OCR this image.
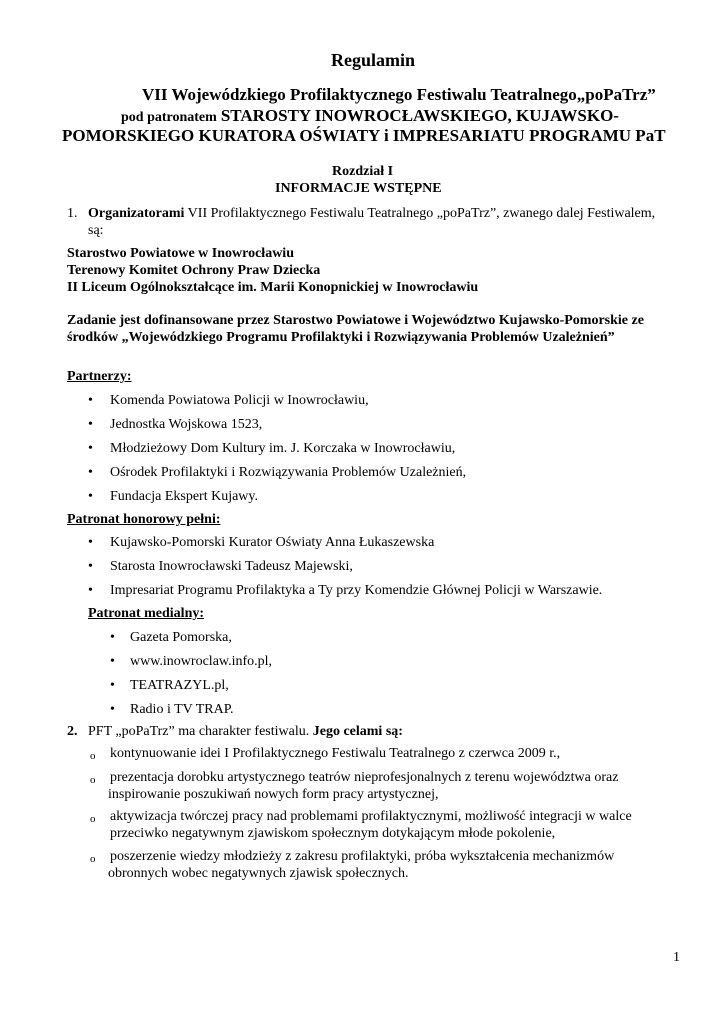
Regulamin
VII Wojewódzkiego Profilaktycznego Festiwalu Teatralnego„poPaTrz”
pod patronatem STAROSTY INOWROCŁAWSKIEGO, KUJAWSKO-
POMORSKIEGO KURATORA OŚWIATY i IMPRESARIATU PROGRAMU PaT
Rozdział I
INFORMACJE WSTĘPNE
1. Organizatorami VII Profilaktycznego Festiwalu Teatralnego „poPaTrz”, zwanego dalej Festiwalem,
są:
Starostwo Powiatowe w Inowrocławiu
Terenowy Komitet Ochrony Praw Dziecka
II Liceum Ogólnokształcące im. Marii Konopnickiej w Inowrocławiu
Zadanie jest dofinansowane przez Starostwo Powiatowe i Województwo Kujawsko-Pomorskie ze
środków „Wojewódzkiego Programu Profilaktyki i Rozwiązywania Problemów Uzależnień”
Partnerzy:
• Komenda Powiatowa Policji w Inowrocławiu,
• Jednostka Wojskowa 1523,
• Młodzieżowy Dom Kultury im. J. Korczaka w Inowrocławiu,
• Ośrodek Profilaktyki i Rozwiązywania Problemów Uzależnień,
• Fundacja Ekspert Kujawy.
Patronat honorowy pełni:
• Kujawsko-Pomorski Kurator Oświaty Anna Łukaszewska
• Starosta Inowrocławski Tadeusz Majewski,
• Impresariat Programu Profilaktyka a Ty przy Komendzie Głównej Policji w Warszawie.
Patronat medialny:
• Gazeta Pomorska,
• www.inowroclaw.info.pl,
• TEATRAZYL.pl,
• Radio i TV TRAP.
2. PFT „poPaTrz” ma charakter festiwalu. Jego celami są:
o kontynuowanie idei I Profilaktycznego Festiwalu Teatralnego z czerwca 2009 r.,
o prezentacja dorobku artystycznego teatrów nieprofesjonalnych z terenu województwa oraz
inspirowanie poszukiwań nowych form pracy artystycznej,
o aktywizacja twórczej pracy nad problemami profilaktycznymi, możliwość integracji w walce
przeciwko negatywnym zjawiskom społecznym dotykającym młode pokolenie,
o poszerzenie wiedzy młodzieży z zakresu profilaktyki, próba wykształcenia mechanizmów
obronnych wobec negatywnych zjawisk społecznych.
1
